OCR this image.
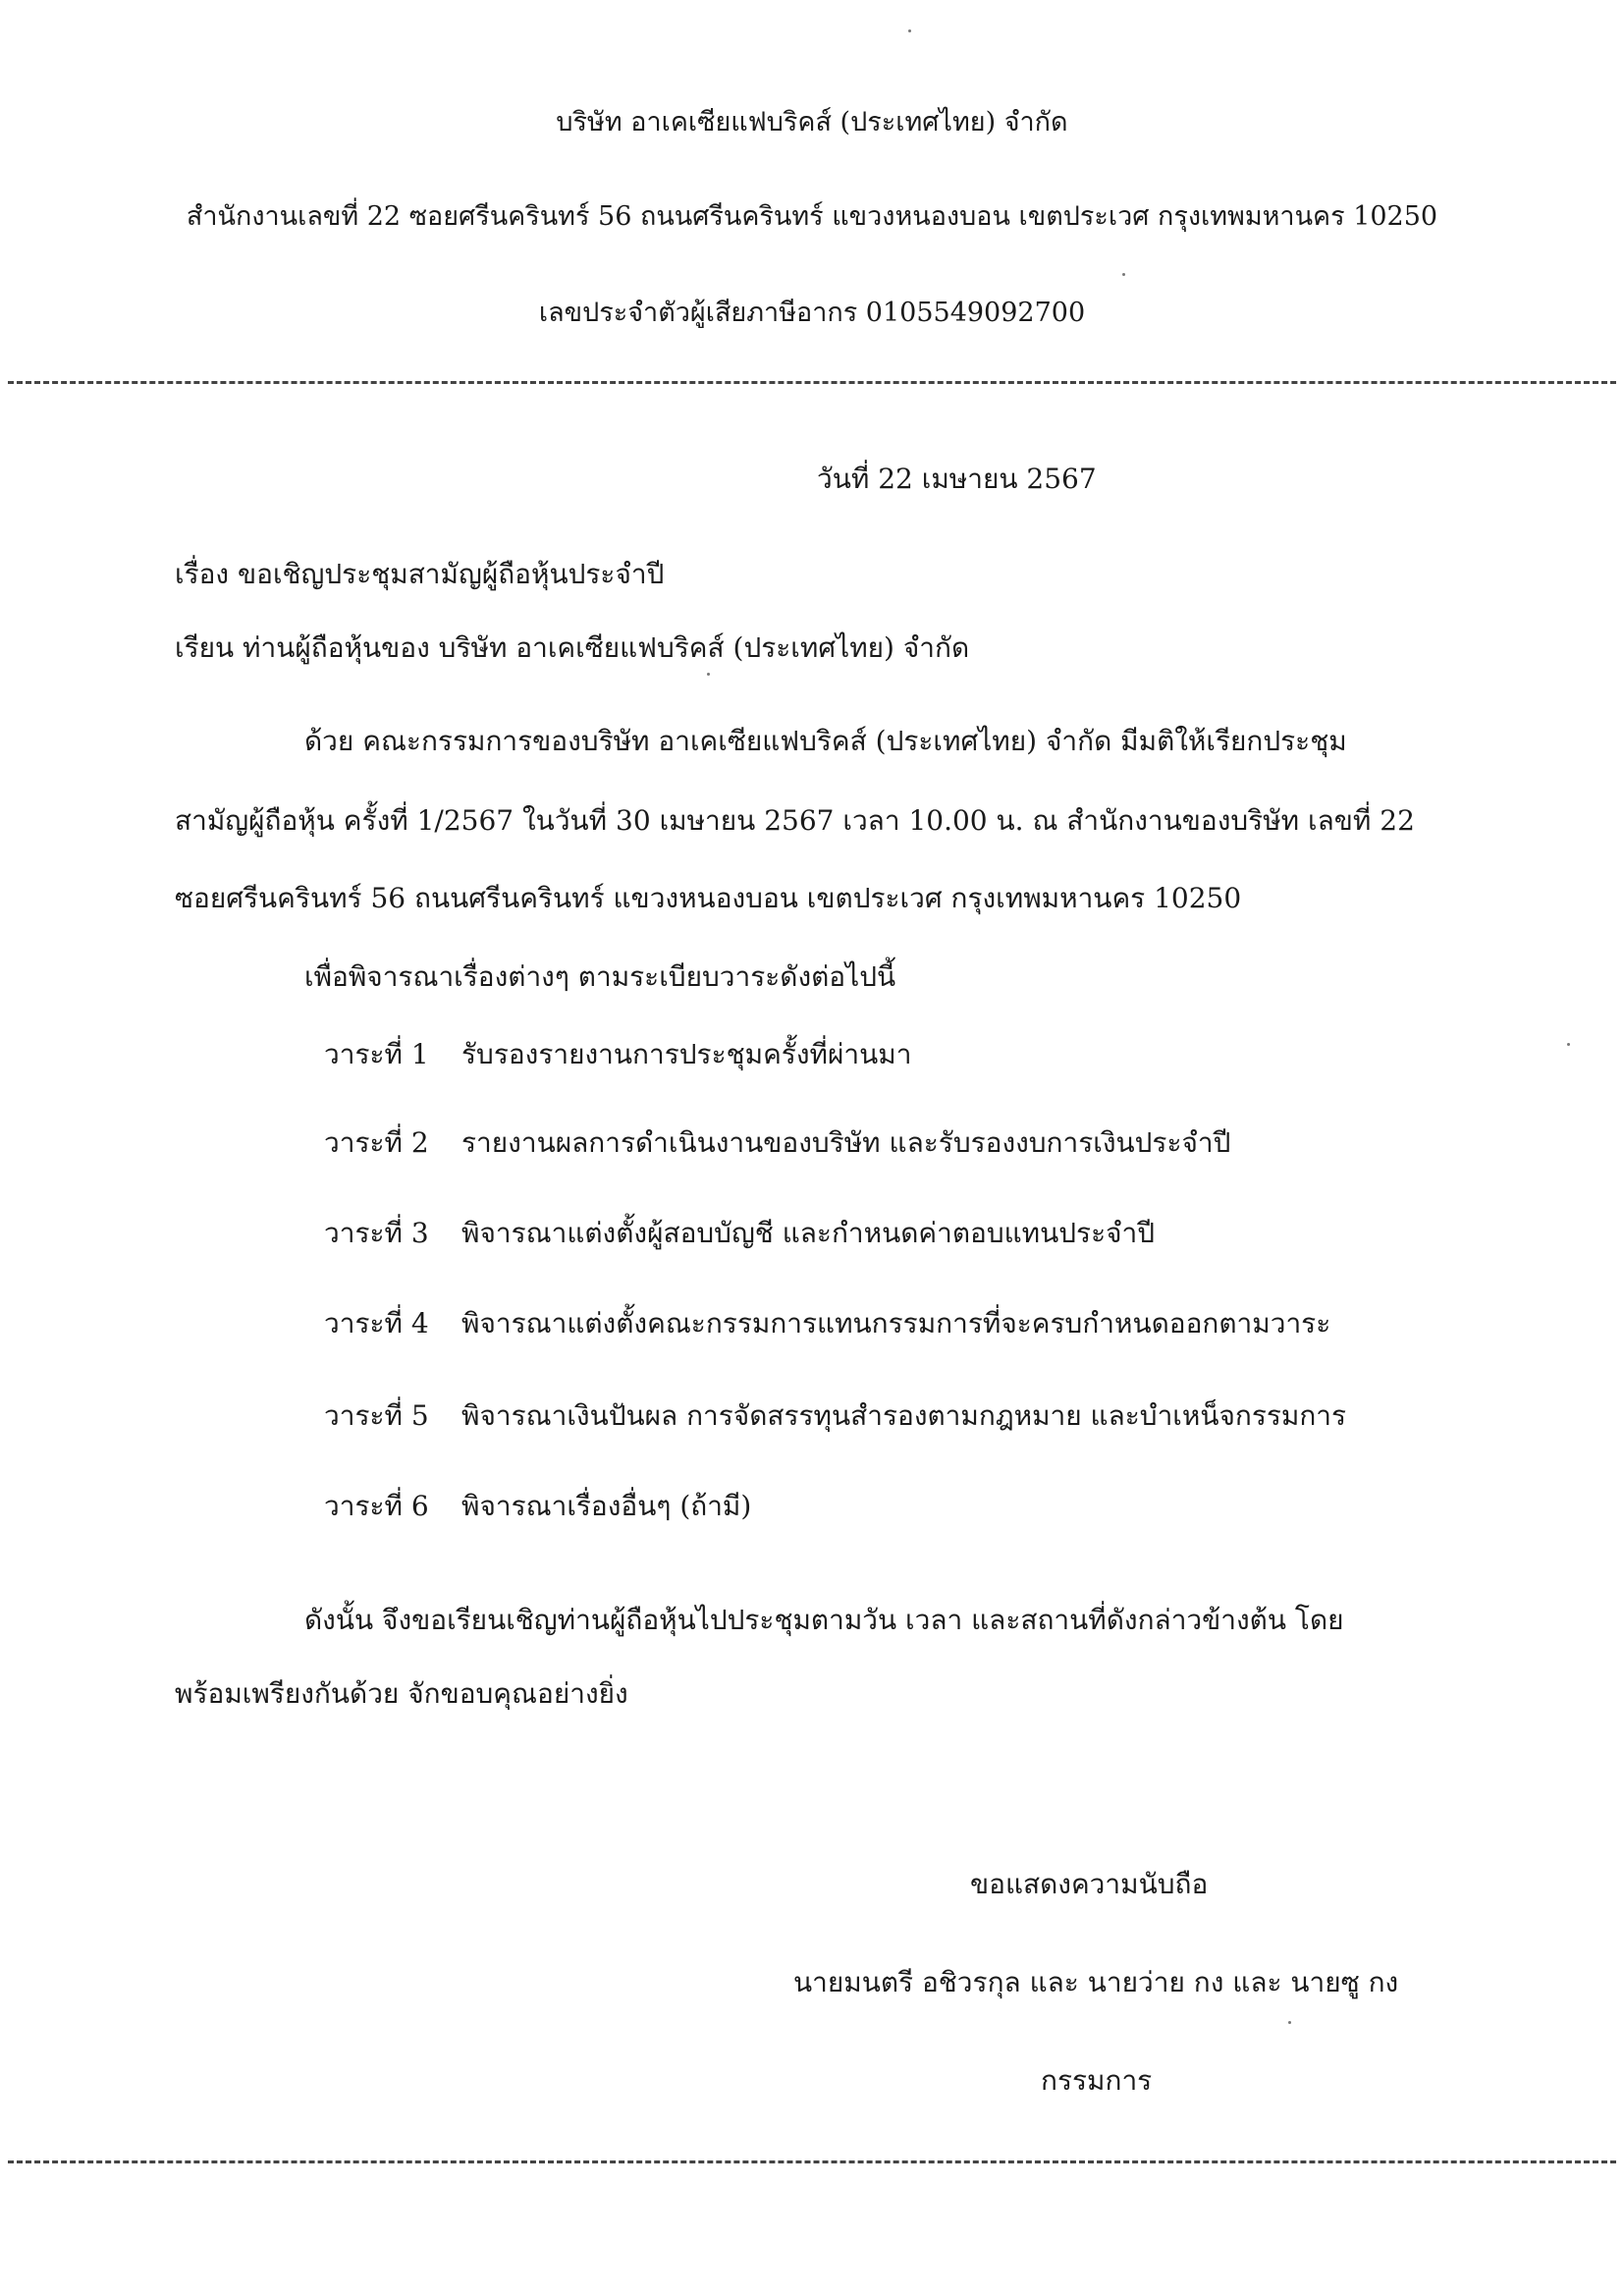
บริษัท อาเคเซียแฟบริคส์ (ประเทศไทย) จำกัด
สำนักงานเลขที่ 22 ซอยศรีนครินทร์ 56 ถนนศรีนครินทร์ แขวงหนองบอน เขตประเวศ กรุงเทพมหานคร 10250
เลขประจำตัวผู้เสียภาษีอากร 0105549092700
วันที่ 22 เมษายน 2567
เรื่อง ขอเชิญประชุมสามัญผู้ถือหุ้นประจำปี
เรียน ท่านผู้ถือหุ้นของ บริษัท อาเคเซียแฟบริคส์ (ประเทศไทย) จำกัด
ด้วย คณะกรรมการของบริษัท อาเคเซียแฟบริคส์ (ประเทศไทย) จำกัด มีมติให้เรียกประชุม
สามัญผู้ถือหุ้น ครั้งที่ 1/2567 ในวันที่ 30 เมษายน 2567 เวลา 10.00 น. ณ สำนักงานของบริษัท เลขที่ 22
ซอยศรีนครินทร์ 56 ถนนศรีนครินทร์ แขวงหนองบอน เขตประเวศ กรุงเทพมหานคร 10250
เพื่อพิจารณาเรื่องต่างๆ ตามระเบียบวาระดังต่อไปนี้
วาระที่ 1 รับรองรายงานการประชุมครั้งที่ผ่านมา
วาระที่ 2 รายงานผลการดำเนินงานของบริษัท และรับรองงบการเงินประจำปี
วาระที่ 3 พิจารณาแต่งตั้งผู้สอบบัญชี และกำหนดค่าตอบแทนประจำปี
วาระที่ 4 พิจารณาแต่งตั้งคณะกรรมการแทนกรรมการที่จะครบกำหนดออกตามวาระ
วาระที่ 5 พิจารณาเงินปันผล การจัดสรรทุนสำรองตามกฎหมาย และบำเหน็จกรรมการ
วาระที่ 6 พิจารณาเรื่องอื่นๆ (ถ้ามี)
ดังนั้น จึงขอเรียนเชิญท่านผู้ถือหุ้นไปประชุมตามวัน เวลา และสถานที่ดังกล่าวข้างต้น โดย
พร้อมเพรียงกันด้วย จักขอบคุณอย่างยิ่ง
ขอแสดงความนับถือ
นายมนตรี อชิวรกุล และ นายว่าย กง และ นายซู กง
กรรมการ
